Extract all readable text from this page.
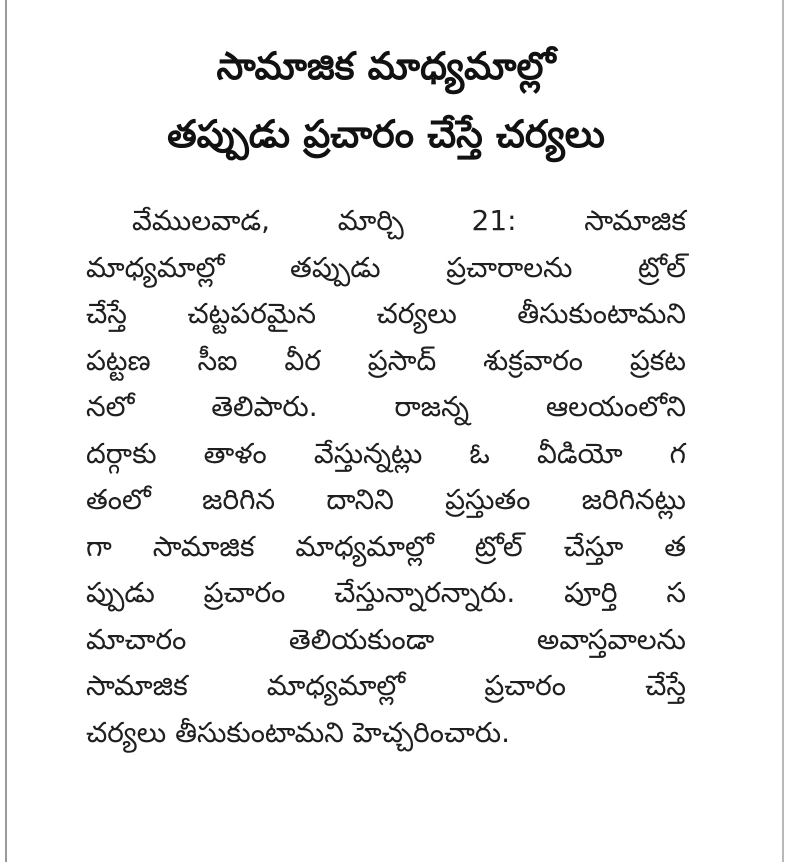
సామాజిక మాధ్యమాల్లో
తప్పుడు ప్రచారం చేస్తే చర్యలు
వేములవాడ, మార్చి 21: సామాజిక
మాధ్యమాల్లో తప్పుడు ప్రచారాలను ట్రోల్
చేస్తే చట్టపరమైన చర్యలు తీసుకుంటామని
పట్టణ సీఐ వీర ప్రసాద్ శుక్రవారం ప్రకట
నలో తెలిపారు. రాజన్న ఆలయంలోని
దర్గాకు తాళం వేస్తున్నట్లు ఓ వీడియో గ
తంలో జరిగిన దానిని ప్రస్తుతం జరిగినట్లు
గా సామాజిక మాధ్యమాల్లో ట్రోల్ చేస్తూ త
ప్పుడు ప్రచారం చేస్తున్నారన్నారు. పూర్తి స
మాచారం తెలియకుండా అవాస్తవాలను
సామాజిక మాధ్యమాల్లో ప్రచారం చేస్తే
చర్యలు తీసుకుంటామని హెచ్చరించారు.
